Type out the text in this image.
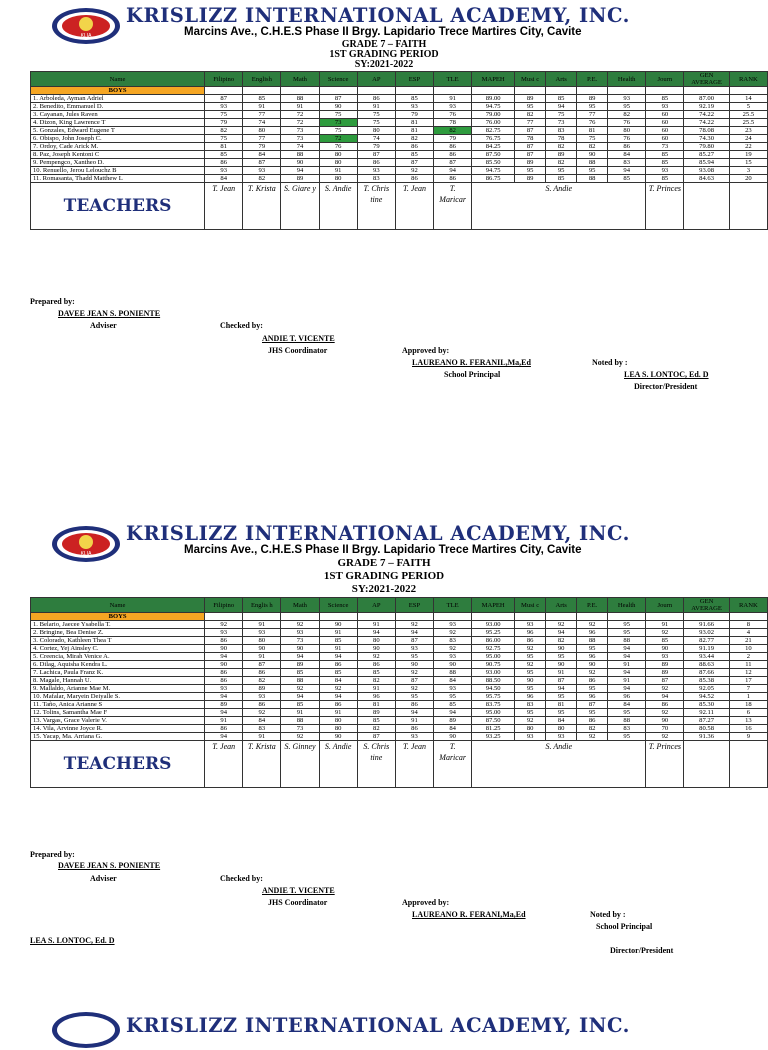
KLIA
KRISLIZZ INTERNATIONAL ACADEMY, INC.
Marcins Ave., C.H.E.S Phase II Brgy. Lapidario Trece Martires City, Cavite
GRADE 7 – FAITH
1ST GRADING PERIOD
SY:2021-2022
Name	Filipino	English	Math	Science	AP	ESP	TLE	MAPEH	Musi c	Arts	P.E.	Health	Journ	GEN AVERAGE	RANK
BOYS															
1. Arboleda, Ayman Adriel	87	85	88	87	86	85	91	89.00	89	85	89	93	85	87.00	14
2. Benedito, Emmanuel D.	93	91	91	90	91	93	93	94.75	95	94	95	95	93	92.19	5
3. Cayanan, Jules Raven	75	77	72	75	75	79	76	79.00	82	75	77	82	60	74.22	25.5
4. Dizon, King Lawrence T	79	74	72	73	75	81	78	76.00	77	73	76	76	60	74.22	25.5
5. Gonzales, Edward Eugene T	82	80	73	75	80	81	82	82.75	87	83	81	80	60	78.08	23
6. Obispo, John Joseph C.	75	77	73	72	74	82	79	76.75	78	78	75	76	60	74.30	24
7. Ordoy, Cade Arick M.	81	79	74	76	79	86	86	84.25	87	82	82	86	73	79.80	22
8. Paz, Joseph Kentoni C	85	84	88	80	87	85	86	87.50	87	89	90	84	85	85.27	19
9. Pempengco, Xantheo D.	86	87	90	80	86	87	87	85.50	89	82	88	83	85	85.94	15
10. Renuello, Jerou Lelouchz B	93	93	94	91	93	92	94	94.75	95	95	95	94	93	93.08	3
11. Romasanta, Thadd Matthew L	84	82	89	80	83	86	86	86.75	89	85	88	85	85	84.63	20
TEACHERS	T. Jean	T. Krista	S. Giare y	S. Andie	T. Chris tine	T. Jean	T. Maricar	S. Andie					T. Princes		
Prepared by:
DAVEE JEAN S. PONIENTE
Adviser	Checked by:
ANDIE T. VICENTE
JHS Coordinator	Approved by:
LAUREANO R. FERANIL,Ma,Ed
School Principal
Noted by :
LEA S. LONTOC, Ed. D
Director/President
KLIA
KRISLIZZ INTERNATIONAL ACADEMY, INC.
Marcins Ave., C.H.E.S Phase II Brgy. Lapidario Trece Martires City, Cavite
GRADE 7 – FAITH
1ST GRADING PERIOD
SY:2021-2022
Name	Filipino	Englis h	Math	Science	AP	ESP	TLE	MAPEH	Musi c	Arts	P.E.	Health	Journ	GEN AVERAGE	RANK
BOYS															
1. Belario, Jaecee Ysabella T.	92	91	92	90	91	92	93	93.00	93	92	92	95	91	91.66	8
2. Bringine, Bea Denise Z.	93	93	93	91	94	94	92	95.25	96	94	96	95	92	93.02	4
3. Colorado, Kathleen Thea T	86	80	73	85	80	87	83	86.00	86	82	88	88	85	82.77	21
4. Cortez, Yej Ainsley C.	90	90	90	91	90	93	92	92.75	92	90	95	94	90	91.19	10
5. Creencia, Mirah Venice A.	94	91	94	94	92	95	93	95.00	95	95	96	94	93	93.44	2
6. Dilag, Aquisha Kendra L.	90	87	89	86	86	90	90	90.75	92	90	90	91	89	88.63	11
7. Lachica, Paula Franz K.	86	86	85	85	85	92	88	93.00	95	91	92	94	89	87.66	12
8. Magale, Hannah U.	86	82	88	84	82	87	84	88.50	90	87	86	91	87	85.38	17
9. Mallaldo, Arianne Mae M.	93	89	92	92	91	92	93	94.50	95	94	95	94	92	92.05	7
10. Mafalar, Maryein Deiyalle S.	94	93	94	94	96	95	95	95.75	96	95	96	96	94	94.52	1
11. Taño, Anica Arianne S	89	86	85	86	81	86	85	83.75	83	81	87	84	86	85.30	18
12. Tolins, Samantha Mae F	94	92	91	91	89	94	94	95.00	95	95	95	95	92	92.11	6
13. Vargas, Grace Valerie V.	91	84	88	80	85	91	89	87.50	92	84	86	88	90	87.27	13
14. Vila, Arvinne Joyce R.	86	83	73	80	82	86	84	81.25	80	80	82	83	70	80.58	16
15. Yacap, Ma. Arriana G.	94	91	92	90	87	93	90	93.25	93	93	92	95	92	91.36	9
TEACHERS	T. Jean	T. Krista	S. Ginney	S. Andie	S. Chris tine	T. Jean	T. Maricar	S. Andie					T. Princes		
Prepared by:
DAVEE JEAN S. PONIENTE
Adviser	Checked by:
ANDIE T. VICENTE
JHS Coordinator	Approved by:
LAUREANO R. FERANI,Ma,Ed	Noted by :
School Principal
LEA S. LONTOC, Ed. D
Director/President
KRISLIZZ INTERNATIONAL ACADEMY, INC.
